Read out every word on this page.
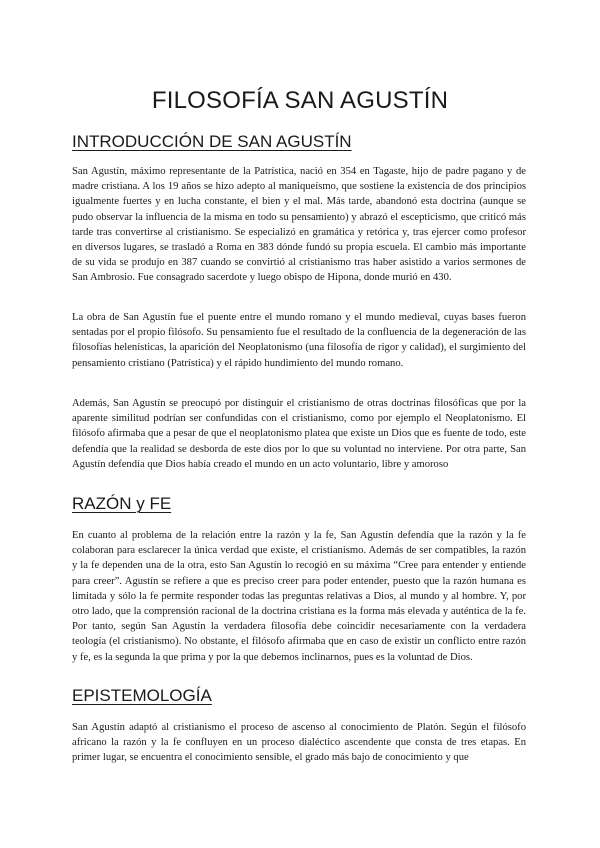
FILOSOFÍA SAN AGUSTÍN
INTRODUCCIÓN DE SAN AGUSTÍN

San Agustín, máximo representante de la Patrística, nació en 354 en Tagaste, hijo de padre pagano y de madre cristiana. A los 19 años se hizo adepto al maniqueísmo, que sostiene la existencia de dos principios igualmente fuertes y en lucha constante, el bien y el mal. Más tarde, abandonó esta doctrina (aunque se pudo observar la influencia de la misma en todo su pensamiento) y abrazó el escepticismo, que criticó más tarde tras convertirse al cristianismo. Se especializó en gramática y retórica y, tras ejercer como profesor en diversos lugares, se trasladó a Roma en 383 dónde fundó su propia escuela. El cambio más importante de su vida se produjo en 387 cuando se convirtió al cristianismo tras haber asistido a varios sermones de San Ambrosio. Fue consagrado sacerdote y luego obispo de Hipona, donde murió en 430.

La obra de San Agustín fue el puente entre el mundo romano y el mundo medieval, cuyas bases fueron sentadas por el propio filósofo. Su pensamiento fue el resultado de la confluencia de la degeneración de las filosofías helenísticas, la aparición del Neoplatonismo (una filosofía de rigor y calidad), el surgimiento del pensamiento cristiano (Patrística) y el rápido hundimiento del mundo romano.

Además, San Agustín se preocupó por distinguir el cristianismo de otras doctrinas filosóficas que por la aparente similitud podrían ser confundidas con el cristianismo, como por ejemplo el Neoplatonismo. El filósofo afirmaba que a pesar de que el neoplatonismo platea que existe un Dios que es fuente de todo, este defendía que la realidad se desborda de este dios por lo que su voluntad no interviene. Por otra parte, San Agustín defendía que Dios había creado el mundo en un acto voluntario, libre y amoroso

RAZÓN y FE

En cuanto al problema de la relación entre la razón y la fe, San Agustín defendía que la razón y la fe colaboran para esclarecer la única verdad que existe, el cristianismo. Además de ser compatibles, la razón y la fe dependen una de la otra, esto San Agustín lo recogió en su máxima “Cree para entender y entiende para creer”. Agustín se refiere a que es preciso creer para poder entender, puesto que la razón humana es limitada y sólo la fe permite responder todas las preguntas relativas a Dios, al mundo y al hombre. Y, por otro lado, que la comprensión racional de la doctrina cristiana es la forma más elevada y auténtica de la fe. Por tanto, según San Agustín la verdadera filosofía debe coincidir necesariamente con la verdadera teología (el cristianismo). No obstante, el filósofo afirmaba que en caso de existir un conflicto entre razón y fe, es la segunda la que prima y por la que debemos inclinarnos, pues es la voluntad de Dios.

EPISTEMOLOGÍA

San Agustín adaptó al cristianismo el proceso de ascenso al conocimiento de Platón. Según el filósofo africano la razón y la fe confluyen en un proceso dialéctico ascendente que consta de tres etapas. En primer lugar, se encuentra el conocimiento sensible, el grado más bajo de conocimiento y que
